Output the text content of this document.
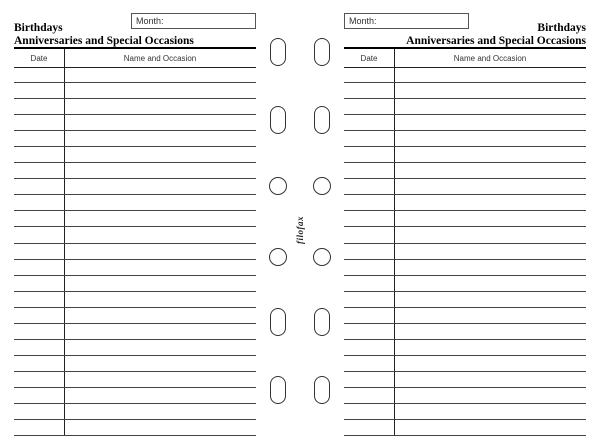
Month:
Birthdays
Anniversaries and Special Occasions
Date	Name and Occasion
filofax
Month:
Birthdays
Anniversaries and Special Occasions
Date	Name and Occasion
